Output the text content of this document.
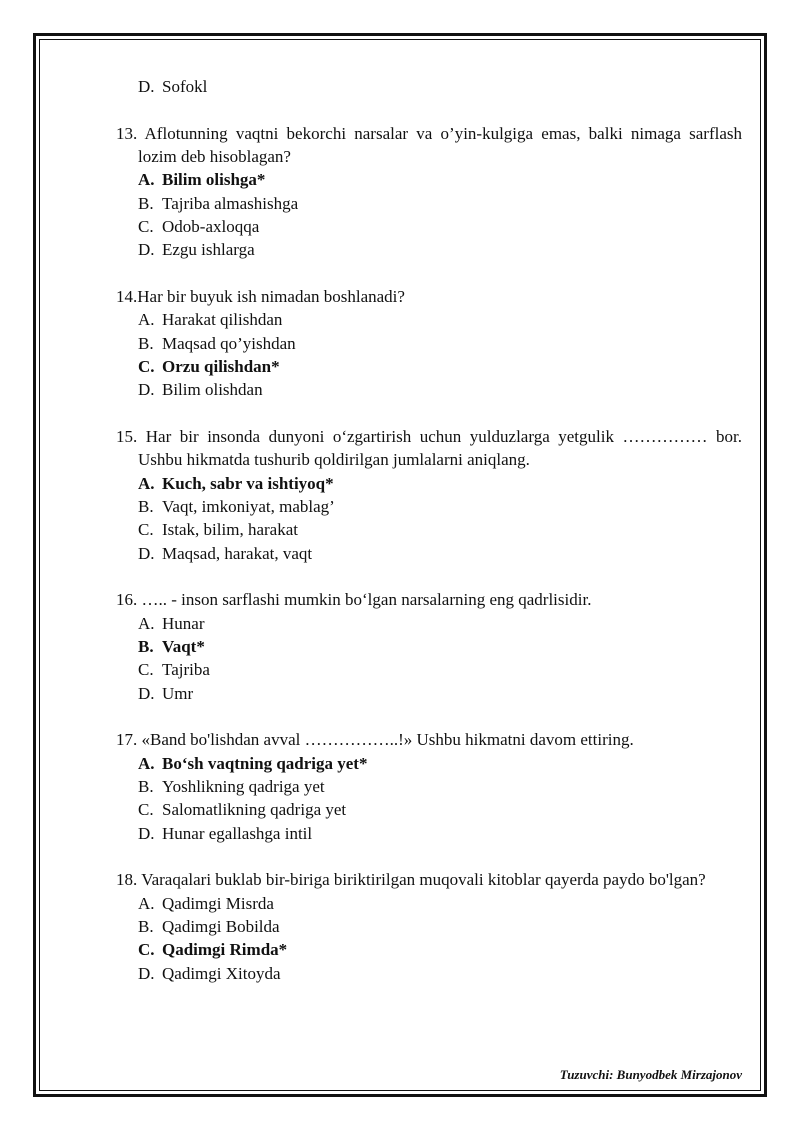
D. Sofokl
13. Aflotunning vaqtni bekorchi narsalar va o’yin-kulgiga emas, balki nimaga sarflash lozim deb hisoblagan?
A. Bilim olishga*
B. Tajriba almashishga
C. Odob-axloqqa
D. Ezgu ishlarga
14.Har bir buyuk ish nimadan boshlanadi?
A. Harakat qilishdan
B. Maqsad qo’yishdan
C. Orzu qilishdan*
D. Bilim olishdan
15. Har bir insonda dunyoni o‘zgartirish uchun yulduzlarga yetgulik …………… bor. Ushbu hikmatda tushurib qoldirilgan jumlalarni aniqlang.
A. Kuch, sabr va ishtiyoq*
B. Vaqt, imkoniyat, mablag’
C. Istak, bilim, harakat
D. Maqsad, harakat, vaqt
16. ….. - inson sarflashi mumkin bo‘lgan narsalarning eng qadrlisidir.
A. Hunar
B. Vaqt*
C. Tajriba
D. Umr
17. «Band bo'lishdan avval ……………..!» Ushbu hikmatni davom ettiring.
A. Bo‘sh vaqtning qadriga yet*
B. Yoshlikning qadriga yet
C. Salomatlikning qadriga yet
D. Hunar egallashga intil
18. Varaqalari buklab bir-biriga biriktirilgan muqovali kitoblar qayerda paydo bo'lgan?
A. Qadimgi Misrda
B. Qadimgi Bobilda
C. Qadimgi Rimda*
D. Qadimgi Xitoyda
Tuzuvchi: Bunyodbek Mirzajonov
